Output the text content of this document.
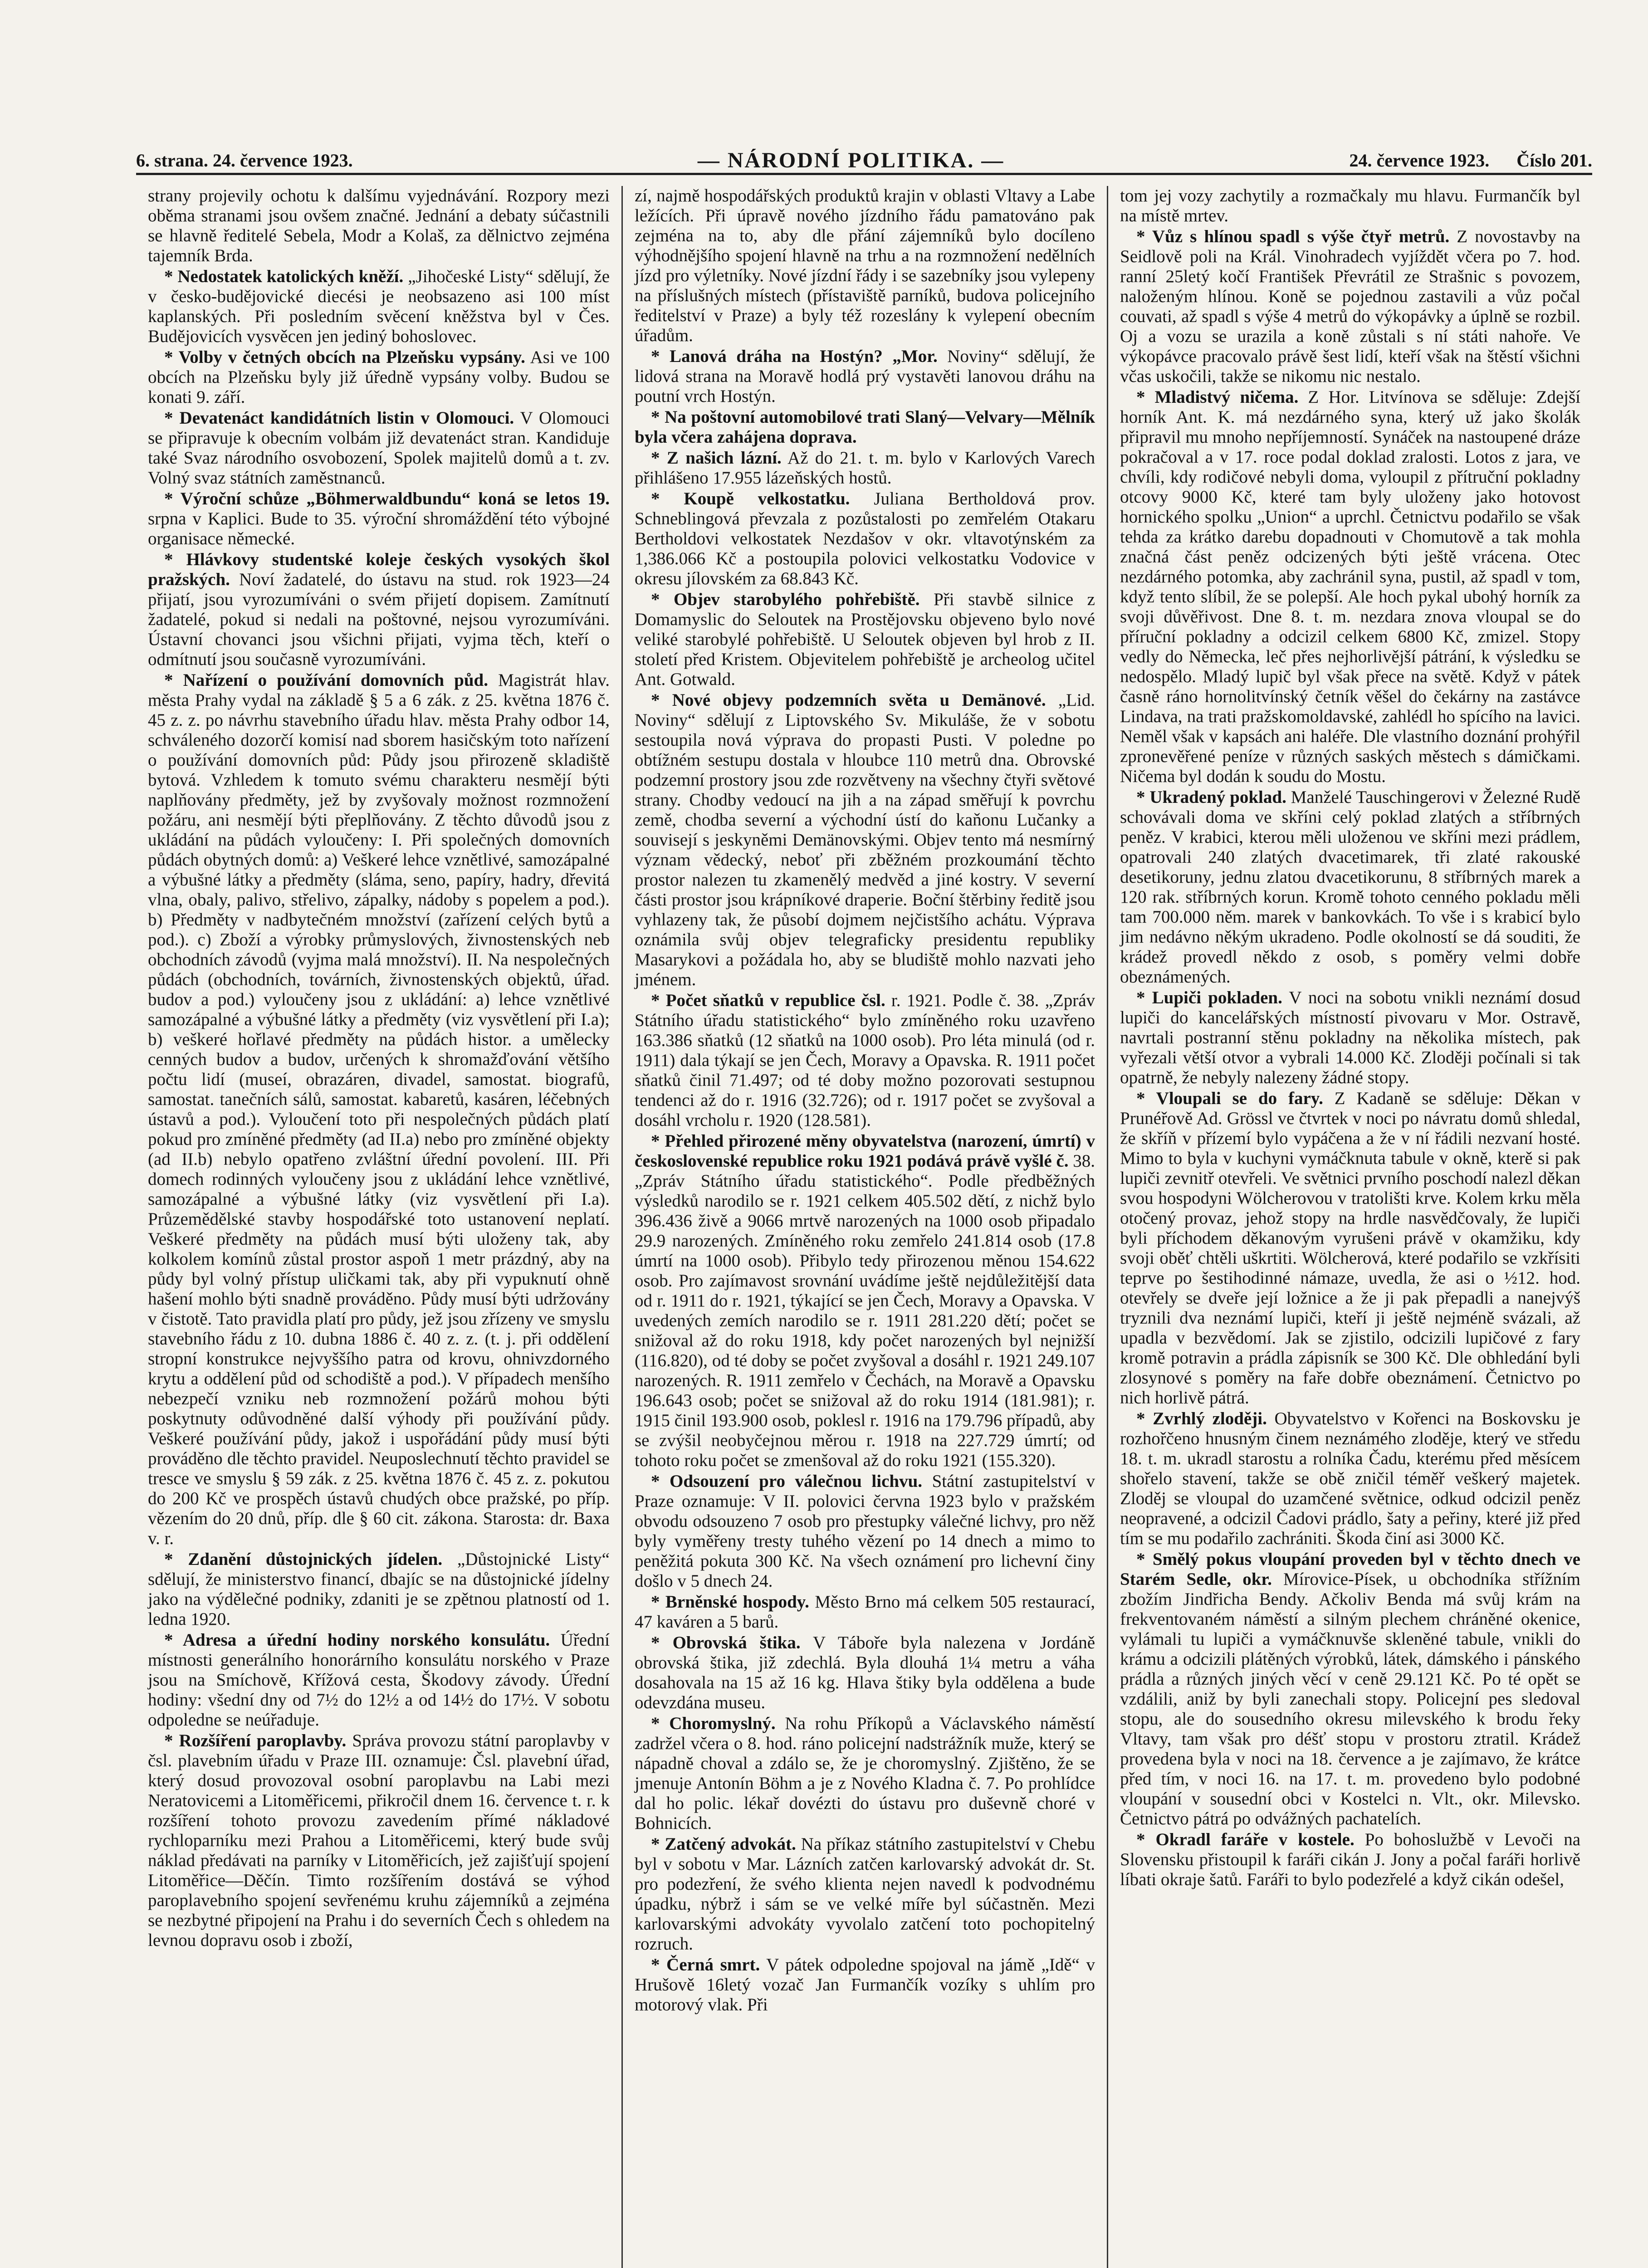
6. strana. 24. července 1923.	— NÁRODNÍ POLITIKA. —	24. července 1923. Číslo 201.

strany projevily ochotu k dalšímu vyjednávání. Rozpory mezi oběma stranami jsou ovšem značné. Jednání a debaty súčastnili se hlavně ředitelé Sebela, Modr a Kolaš, za dělnictvo zejména tajemník Brda.

* Nedostatek katolických kněží. „Jihočeské Listy“ sdělují, že v česko-budějovické diecési je neobsazeno asi 100 míst kaplanských. Při posledním svěcení kněžstva byl v Čes. Budějovicích vysvěcen jen jediný bohoslovec.

* Volby v četných obcích na Plzeňsku vypsány. Asi ve 100 obcích na Plzeňsku byly již úředně vypsány volby. Budou se konati 9. září.

* Devatenáct kandidátních listin v Olomouci. V Olomouci se připravuje k obecním volbám již devatenáct stran. Kandiduje také Svaz národního osvobození, Spolek majitelů domů a t. zv. Volný svaz státních zaměstnanců.

* Výroční schůze „Böhmerwaldbundu“ koná se letos 19. srpna v Kaplici. Bude to 35. výroční shromáždění této výbojné organisace německé.

* Hlávkovy studentské koleje českých vysokých škol pražských. Noví žadatelé, do ústavu na stud. rok 1923—24 přijatí, jsou vyrozumíváni o svém přijetí dopisem. Zamítnutí žadatelé, pokud si nedali na poštovné, nejsou vyrozumíváni. Ústavní chovanci jsou všichni přijati, vyjma těch, kteří o odmítnutí jsou současně vyrozumíváni.

* Nařízení o používání domovních půd. Magistrát hlav. města Prahy vydal na základě § 5 a 6 zák. z 25. května 1876 č. 45 z. z. po návrhu stavebního úřadu hlav. města Prahy odbor 14, schváleného dozorčí komisí nad sborem hasičským toto nařízení o používání domovních půd: Půdy jsou přirozeně skladiště bytová. Vzhledem k tomuto svému charakteru nesmějí býti naplňovány předměty, jež by zvyšovaly možnost rozmnožení požáru, ani nesmějí býti přeplňovány. Z těchto důvodů jsou z ukládání na půdách vyloučeny: I. Při společných domovních půdách obytných domů: a) Veškeré lehce vznětlivé, samozápalné a výbušné látky a předměty (sláma, seno, papíry, hadry, dřevitá vlna, obaly, palivo, střelivo, zápalky, nádoby s popelem a pod.). b) Předměty v nadbytečném množství (zařízení celých bytů a pod.). c) Zboží a výrobky průmyslových, živnostenských neb obchodních závodů (vyjma malá množství). II. Na nespolečných půdách (obchodních, továrních, živnostenských objektů, úřad. budov a pod.) vyloučeny jsou z ukládání: a) lehce vznětlivé samozápalné a výbušné látky a předměty (viz vysvětlení při I.a); b) veškeré hořlavé předměty na půdách histor. a umělecky cenných budov a budov, určených k shromažďování většího počtu lidí (museí, obrazáren, divadel, samostat. biografů, samostat. tanečních sálů, samostat. kabaretů, kasáren, léčebných ústavů a pod.). Vyloučení toto při nespolečných půdách platí pokud pro zmíněné předměty (ad II.a) nebo pro zmíněné objekty (ad II.b) nebylo opatřeno zvláštní úřední povolení. III. Při domech rodinných vyloučeny jsou z ukládání lehce vznětlivé, samozápalné a výbušné látky (viz vysvětlení při I.a). Průzemědělské stavby hospodářské toto ustanovení neplatí. Veškeré předměty na půdách musí býti uloženy tak, aby kolkolem komínů zůstal prostor aspoň 1 metr prázdný, aby na půdy byl volný přístup uličkami tak, aby při vypuknutí ohně hašení mohlo býti snadně prováděno. Půdy musí býti udržovány v čistotě. Tato pravidla platí pro půdy, jež jsou zřízeny ve smyslu stavebního řádu z 10. dubna 1886 č. 40 z. z. (t. j. při oddělení stropní konstrukce nejvyššího patra od krovu, ohnivzdorného krytu a oddělení půd od schodiště a pod.). V případech menšího nebezpečí vzniku neb rozmnožení požárů mohou býti poskytnuty odůvodněné další výhody při používání půdy. Veškeré používání půdy, jakož i uspořádání půdy musí býti prováděno dle těchto pravidel. Neuposlechnutí těchto pravidel se tresce ve smyslu § 59 zák. z 25. května 1876 č. 45 z. z. pokutou do 200 Kč ve prospěch ústavů chudých obce pražské, po příp. vězením do 20 dnů, příp. dle § 60 cit. zákona. Starosta: dr. Baxa v. r.

* Zdanění důstojnických jídelen. „Důstojnické Listy“ sdělují, že ministerstvo financí, dbajíc se na důstojnické jídelny jako na výdělečné podniky, zdaniti je se zpětnou platností od 1. ledna 1920.

* Adresa a úřední hodiny norského konsulátu. Úřední místnosti generálního honorárního konsulátu norského v Praze jsou na Smíchově, Křížová cesta, Škodovy závody. Úřední hodiny: všední dny od 7½ do 12½ a od 14½ do 17½. V sobotu odpoledne se neúřaduje.

* Rozšíření paroplavby. Správa provozu státní paroplavby v čsl. plavebním úřadu v Praze III. oznamuje: Čsl. plavební úřad, který dosud provozoval osobní paroplavbu na Labi mezi Neratovicemi a Litoměřicemi, přikročil dnem 16. července t. r. k rozšíření tohoto provozu zavedením přímé nákladové rychloparníku mezi Prahou a Litoměřicemi, který bude svůj náklad předávati na parníky v Litoměřicích, jež zajišťují spojení Litoměřice—Děčín. Timto rozšířením dostává se výhod paroplavebního spojení sevřenému kruhu zájemníků a zejména se nezbytné připojení na Prahu i do severních Čech s ohledem na levnou dopravu osob i zboží,

zí, najmě hospodářských produktů krajin v oblasti Vltavy a Labe ležících. Při úpravě nového jízdního řádu pamatováno pak zejména na to, aby dle přání zájemníků bylo docíleno výhodnějšího spojení hlavně na trhu a na rozmnožení nedělních jízd pro výletníky. Nové jízdní řády i se sazebníky jsou vylepeny na příslušných místech (přístaviště parníků, budova policejního ředitelství v Praze) a byly též rozeslány k vylepení obecním úřadům.

* Lanová dráha na Hostýn? „Mor. Noviny“ sdělují, že lidová strana na Moravě hodlá prý vystavěti lanovou dráhu na poutní vrch Hostýn.

* Na poštovní automobilové trati Slaný—Velvary—Mělník byla včera zahájena doprava.

* Z našich lázní. Až do 21. t. m. bylo v Karlových Varech přihlášeno 17.955 lázeňských hostů.

* Koupě velkostatku. Juliana Bertholdová prov. Schneblingová převzala z pozůstalosti po zemřelém Otakaru Bertholdovi velkostatek Nezdašov v okr. vltavotýnském za 1,386.066 Kč a postoupila polovici velkostatku Vodovice v okresu jílovském za 68.843 Kč.

* Objev starobylého pohřebiště. Při stavbě silnice z Domamyslic do Seloutek na Prostějovsku objeveno bylo nové veliké starobylé pohřebiště. U Seloutek objeven byl hrob z II. století před Kristem. Objevitelem pohřebiště je archeolog učitel Ant. Gotwald.

* Nové objevy podzemních světa u Demänové. „Lid. Noviny“ sdělují z Liptovského Sv. Mikuláše, že v sobotu sestoupila nová výprava do propasti Pusti. V poledne po obtížném sestupu dostala v hloubce 110 metrů dna. Obrovské podzemní prostory jsou zde rozvětveny na všechny čtyři světové strany. Chodby vedoucí na jih a na západ směřují k povrchu země, chodba severní a východní ústí do kaňonu Lučanky a souvisejí s jeskyněmi Demänovskými. Objev tento má nesmírný význam vědecký, neboť při zběžném prozkoumání těchto prostor nalezen tu zkamenělý medvěd a jiné kostry. V severní části prostor jsou krápníkové draperie. Boční štěrbiny ředitě jsou vyhlazeny tak, že působí dojmem nejčistšího achátu. Výprava oznámila svůj objev telegraficky presidentu republiky Masarykovi a požádala ho, aby se bludiště mohlo nazvati jeho jménem.

* Počet sňatků v republice čsl. r. 1921. Podle č. 38. „Zpráv Státního úřadu statistického“ bylo zmíněného roku uzavřeno 163.386 sňatků (12 sňatků na 1000 osob). Pro léta minulá (od r. 1911) dala týkají se jen Čech, Moravy a Opavska. R. 1911 počet sňatků činil 71.497; od té doby možno pozorovati sestupnou tendenci až do r. 1916 (32.726); od r. 1917 počet se zvyšoval a dosáhl vrcholu r. 1920 (128.581).

* Přehled přirozené měny obyvatelstva (narození, úmrtí) v československé republice roku 1921 podává právě vyšlé č. 38. „Zpráv Státního úřadu statistického“. Podle předběžných výsledků narodilo se r. 1921 celkem 405.502 dětí, z nichž bylo 396.436 živě a 9066 mrtvě narozených na 1000 osob připadalo 29.9 narozených. Zmíněného roku zemřelo 241.814 osob (17.8 úmrtí na 1000 osob). Přibylo tedy přirozenou měnou 154.622 osob. Pro zajímavost srovnání uvádíme ještě nejdůležitější data od r. 1911 do r. 1921, týkající se jen Čech, Moravy a Opavska. V uvedených zemích narodilo se r. 1911 281.220 dětí; počet se snižoval až do roku 1918, kdy počet narozených byl nejnižší (116.820), od té doby se počet zvyšoval a dosáhl r. 1921 249.107 narozených. R. 1911 zemřelo v Čechách, na Moravě a Opavsku 196.643 osob; počet se snižoval až do roku 1914 (181.981); r. 1915 činil 193.900 osob, poklesl r. 1916 na 179.796 případů, aby se zvýšil neobyčejnou měrou r. 1918 na 227.729 úmrtí; od tohoto roku počet se zmenšoval až do roku 1921 (155.320).

* Odsouzení pro válečnou lichvu. Státní zastupitelství v Praze oznamuje: V II. polovici června 1923 bylo v pražském obvodu odsouzeno 7 osob pro přestupky válečné lichvy, pro něž byly vyměřeny tresty tuhého vězení po 14 dnech a mimo to peněžitá pokuta 300 Kč. Na všech oznámení pro lichevní činy došlo v 5 dnech 24.

* Brněnské hospody. Město Brno má celkem 505 restaurací, 47 kaváren a 5 barů.

* Obrovská štika. V Táboře byla nalezena v Jordáně obrovská štika, již zdechlá. Byla dlouhá 1¼ metru a váha dosahovala na 15 až 16 kg. Hlava štiky byla oddělena a bude odevzdána museu.

* Choromyslný. Na rohu Příkopů a Václavského náměstí zadržel včera o 8. hod. ráno policejní nadstrážník muže, který se nápadně choval a zdálo se, že je choromyslný. Zjištěno, že se jmenuje Antonín Böhm a je z Nového Kladna č. 7. Po prohlídce dal ho polic. lékař dovézti do ústavu pro duševně choré v Bohnicích.

* Zatčený advokát. Na příkaz státního zastupitelství v Chebu byl v sobotu v Mar. Lázních zatčen karlovarský advokát dr. St. pro podezření, že svého klienta nejen navedl k podvodnému úpadku, nýbrž i sám se ve velké míře byl súčastněn. Mezi karlovarskými advokáty vyvolalo zatčení toto pochopitelný rozruch.

* Černá smrt. V pátek odpoledne spojoval na jámě „Idě“ v Hrušově 16letý vozač Jan Furmančík vozíky s uhlím pro motorový vlak. Při

tom jej vozy zachytily a rozmačkaly mu hlavu. Furmančík byl na místě mrtev.

* Vůz s hlínou spadl s výše čtyř metrů. Z novostavby na Seidlově poli na Král. Vinohradech vyjíždět včera po 7. hod. ranní 25letý kočí František Převrátil ze Strašnic s povozem, naloženým hlínou. Koně se pojednou zastavili a vůz počal couvati, až spadl s výše 4 metrů do výkopávky a úplně se rozbil. Oj a vozu se urazila a koně zůstali s ní státi nahoře. Ve výkopávce pracovalo právě šest lidí, kteří však na štěstí všichni včas uskočili, takže se nikomu nic nestalo.

* Mladistvý ničema. Z Hor. Litvínova se sděluje: Zdejší horník Ant. K. má nezdárného syna, který už jako školák připravil mu mnoho nepříjemností. Synáček na nastoupené dráze pokračoval a v 17. roce podal doklad zralosti. Lotos z jara, ve chvíli, kdy rodičové nebyli doma, vyloupil z přítruční pokladny otcovy 9000 Kč, které tam byly uloženy jako hotovost hornického spolku „Union“ a uprchl. Četnictvu podařilo se však tehda za krátko darebu dopadnouti v Chomutově a tak mohla značná část peněz odcizených býti ještě vrácena. Otec nezdárného potomka, aby zachránil syna, pustil, až spadl v tom, když tento slíbil, že se polepší. Ale hoch pykal ubohý horník za svoji důvěřivost. Dne 8. t. m. nezdara znova vloupal se do příruční pokladny a odcizil celkem 6800 Kč, zmizel. Stopy vedly do Německa, leč přes nejhorlivější pátrání, k výsledku se nedospělo. Mladý lupič byl však přece na světě. Když v pátek časně ráno hornolitvínský četník věšel do čekárny na zastávce Lindava, na trati pražskomoldavské, zahlédl ho spícího na lavici. Neměl však v kapsách ani haléře. Dle vlastního doznání prohýřil zpronevěřené peníze v různých saských městech s dámičkami. Ničema byl dodán k soudu do Mostu.

* Ukradený poklad. Manželé Tauschingerovi v Železné Rudě schovávali doma ve skříni celý poklad zlatých a stříbrných peněz. V krabici, kterou měli uloženou ve skříni mezi prádlem, opatrovali 240 zlatých dvacetimarek, tři zlaté rakouské desetikoruny, jednu zlatou dvacetikorunu, 8 stříbrných marek a 120 rak. stříbrných korun. Kromě tohoto cenného pokladu měli tam 700.000 něm. marek v bankovkách. To vše i s krabicí bylo jim nedávno někým ukradeno. Podle okolností se dá souditi, že krádež provedl někdo z osob, s poměry velmi dobře obeznámených.

* Lupiči pokladen. V noci na sobotu vnikli neznámí dosud lupiči do kancelářských místností pivovaru v Mor. Ostravě, navrtali postranní stěnu pokladny na několika místech, pak vyřezali větší otvor a vybrali 14.000 Kč. Zloději počínali si tak opatrně, že nebyly nalezeny žádné stopy.

* Vloupali se do fary. Z Kadaně se sděluje: Děkan v Prunéřově Ad. Grössl ve čtvrtek v noci po návratu domů shledal, že skříň v přízemí bylo vypáčena a že v ní řádili nezvaní hosté. Mimo to byla v kuchyni vymáčknuta tabule v okně, kterě si pak lupiči zevnitř otevřeli. Ve světnici prvního poschodí nalezl děkan svou hospodyni Wölcherovou v tratolišti krve. Kolem krku měla otočený provaz, jehož stopy na hrdle nasvědčovaly, že lupiči byli příchodem děkanovým vyrušeni právě v okamžiku, kdy svoji oběť chtěli uškrtiti. Wölcherová, které podařilo se vzkřísiti teprve po šestihodinné námaze, uvedla, že asi o ½12. hod. otevřely se dveře její ložnice a že ji pak přepadli a nanejvýš tryznili dva neznámí lupiči, kteří ji ještě nejméně svázali, až upadla v bezvědomí. Jak se zjistilo, odcizili lupičové z fary kromě potravin a prádla zápisník se 300 Kč. Dle obhledání byli zlosynové s poměry na faře dobře obeznámení. Četnictvo po nich horlivě pátrá.

* Zvrhlý zloději. Obyvatelstvo v Kořenci na Boskovsku je rozhořčeno hnusným činem neznámého zloděje, který ve středu 18. t. m. ukradl starostu a rolníka Čadu, kterému před měsícem shořelo stavení, takže se obě zničil téměř veškerý majetek. Zloděj se vloupal do uzamčené světnice, odkud odcizil peněz neopravené, a odcizil Čadovi prádlo, šaty a peřiny, které již před tím se mu podařilo zachrániti. Škoda činí asi 3000 Kč.

* Smělý pokus vloupání proveden byl v těchto dnech ve Starém Sedle, okr. Mírovice-Písek, u obchodníka střížním zbožím Jindřicha Bendy. Ačkoliv Benda má svůj krám na frekventovaném náměstí a silným plechem chráněné okenice, vylámali tu lupiči a vymáčknuvše skleněné tabule, vnikli do krámu a odcizili plátěných výrobků, látek, dámského i pánského prádla a různých jiných věcí v ceně 29.121 Kč. Po té opět se vzdálili, aniž by byli zanechali stopy. Policejní pes sledoval stopu, ale do sousedního okresu milevského k brodu řeky Vltavy, tam však pro déšť stopu v prostoru ztratil. Krádež provedena byla v noci na 18. července a je zajímavo, že krátce před tím, v noci 16. na 17. t. m. provedeno bylo podobné vloupání v sousední obci v Kostelci n. Vlt., okr. Milevsko. Četnictvo pátrá po odvážných pachatelích.

* Okradl faráře v kostele. Po bohoslužbě v Levoči na Slovensku přistoupil k faráři cikán J. Jony a počal faráři horlivě líbati okraje šatů. Faráři to bylo podezřelé a když cikán odešel,
